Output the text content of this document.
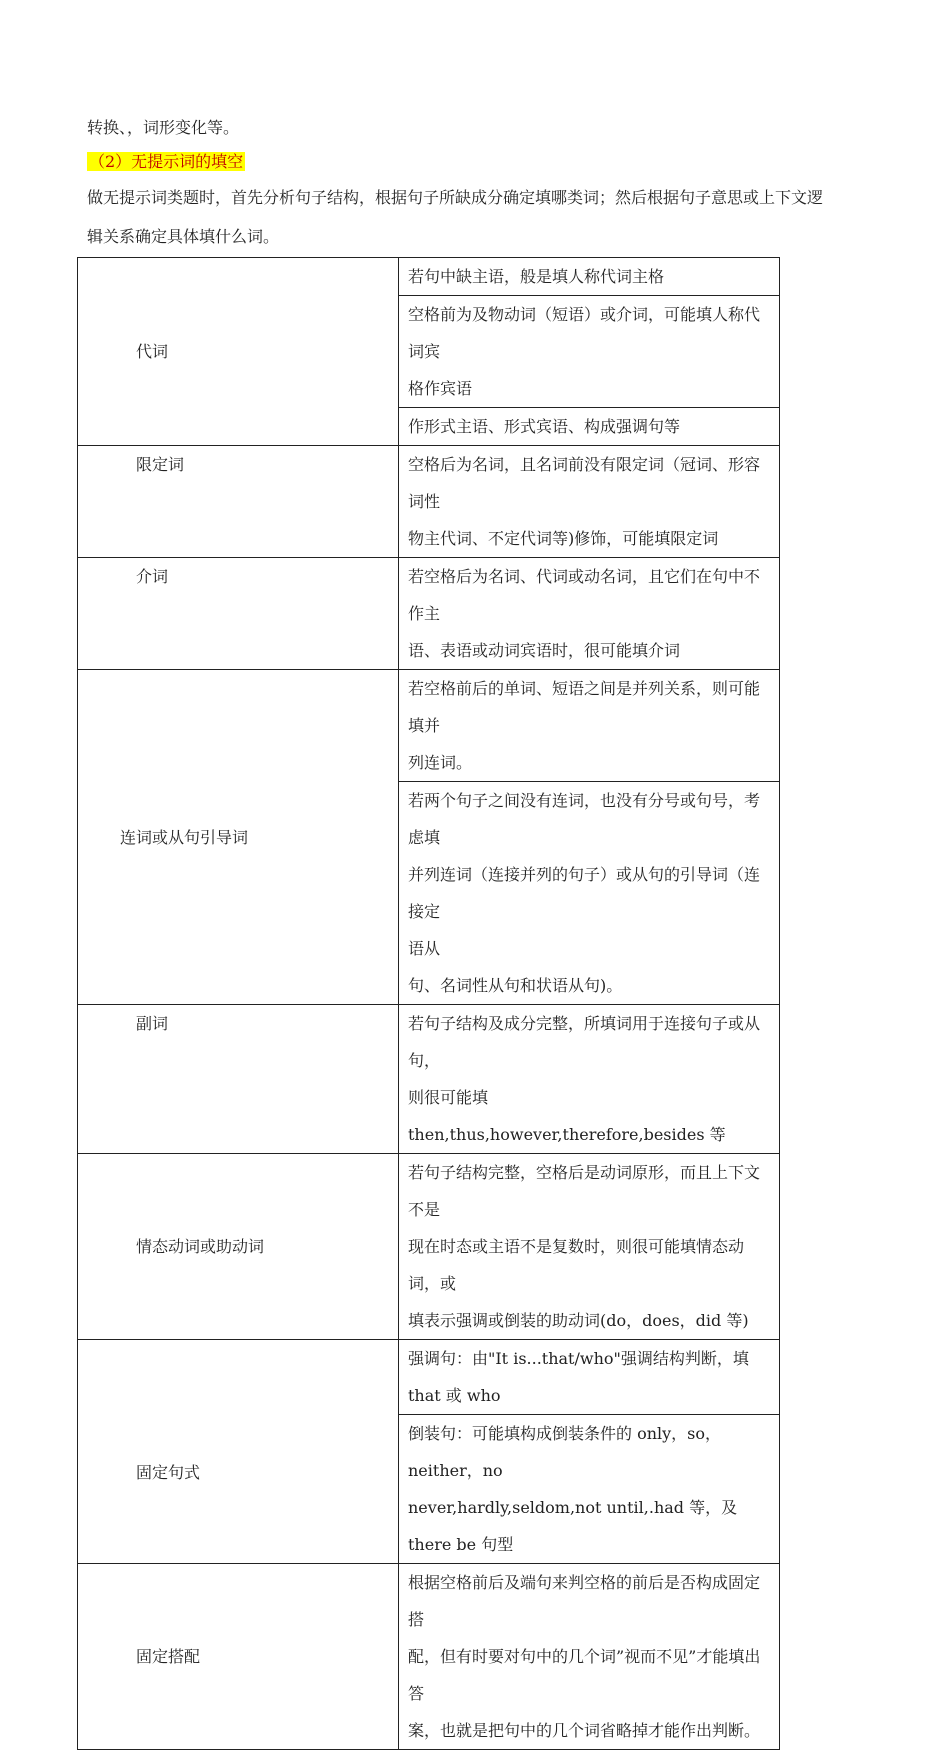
转换、，词形变化等。
（2）无提示词的填空
做无提示词类题时，首先分析句子结构，根据句子所缺成分确定填哪类词；然后根据句子意思或上下文逻
辑关系确定具体填什么词。
代词	若句中缺主语，般是填人称代词主格

	空格前为及物动词（短语）或介词，可能填人称代词宾
格作宾语

	作形式主语、形式宾语、构成强调句等

限定词	空格后为名词，且名词前没有限定词（冠词、形容词性
物主代词、不定代词等)修饰，可能填限定词

介词	若空格后为名词、代词或动名词，且它们在句中不作主
语、表语或动词宾语时，很可能填介词

连词或从句引导词	若空格前后的单词、短语之间是并列关系，则可能填并
列连词。

	若两个句子之间没有连词，也没有分号或句号，考虑填
并列连词（连接并列的句子）或从句的引导词（连接定
语从
句、名词性从句和状语从句)。

副词	若句子结构及成分完整，所填词用于连接句子或从句，
则很可能填 then,thus,however,therefore,besides 等

情态动词或助动词	若句子结构完整，空格后是动词原形，而且上下文不是
现在时态或主语不是复数时，则很可能填情态动词，或
填表示强调或倒装的助动词(do，does，did 等)

固定句式	强调句：由"It is...that/who"强调结构判断，填 that 或 who

	倒装句：可能填构成倒装条件的 only，so，neither，no
never,hardly,seldom,not until,.had 等，及 there be 句型

固定搭配	根据空格前后及端句来判空格的前后是否构成固定搭
配，但有时要对句中的几个词”视而不见”才能填出答
案，也就是把句中的几个词省略掉才能作出判断。
